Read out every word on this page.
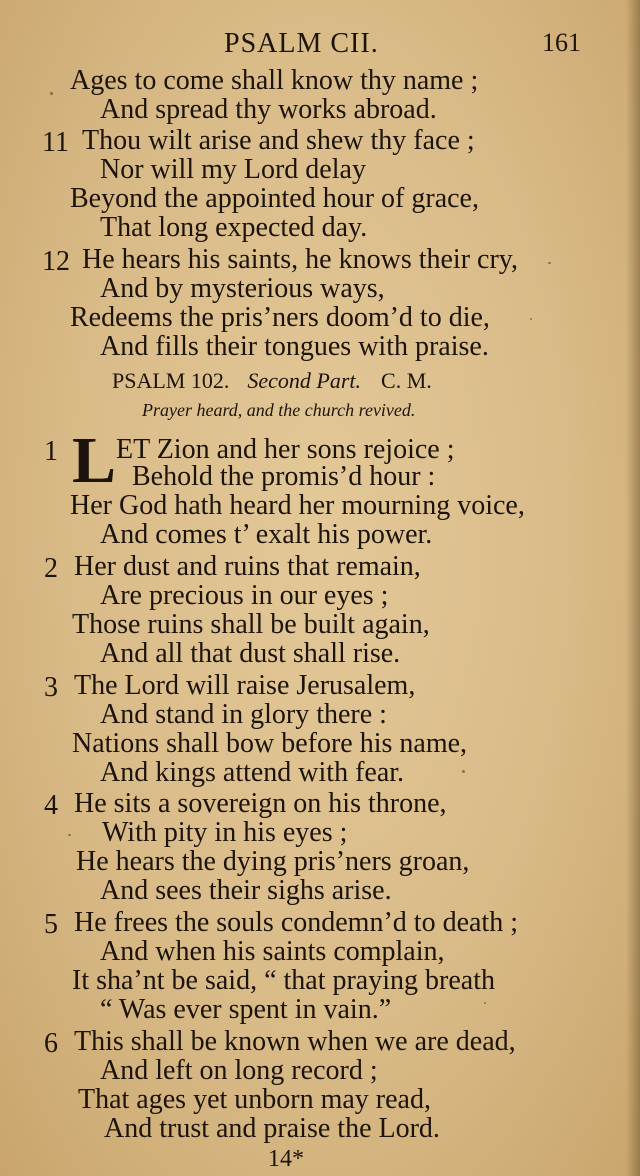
PSALM CII.	161
Ages to come shall know thy name ;
And spread thy works abroad.
11 Thou wilt arise and shew thy face ;
Nor will my Lord delay
Beyond the appointed hour of grace,
That long expected day.
12 He hears his saints, he knows their cry,
And by mysterious ways,
Redeems the pris’ners doom’d to die,
And fills their tongues with praise.
PSALM 102. Second Part. C. M.
Prayer heard, and the church revived.
1 L ET Zion and her sons rejoice ;
Behold the promis’d hour :
Her God hath heard her mourning voice,
And comes t’ exalt his power.
2 Her dust and ruins that remain,
Are precious in our eyes ;
Those ruins shall be built again,
And all that dust shall rise.
3 The Lord will raise Jerusalem,
And stand in glory there :
Nations shall bow before his name,
And kings attend with fear.
4 He sits a sovereign on his throne,
With pity in his eyes ;
He hears the dying pris’ners groan,
And sees their sighs arise.
5 He frees the souls condemn’d to death ;
And when his saints complain,
It sha’nt be said, “ that praying breath
“ Was ever spent in vain.”
6 This shall be known when we are dead,
And left on long record ;
That ages yet unborn may read,
And trust and praise the Lord.
14*
